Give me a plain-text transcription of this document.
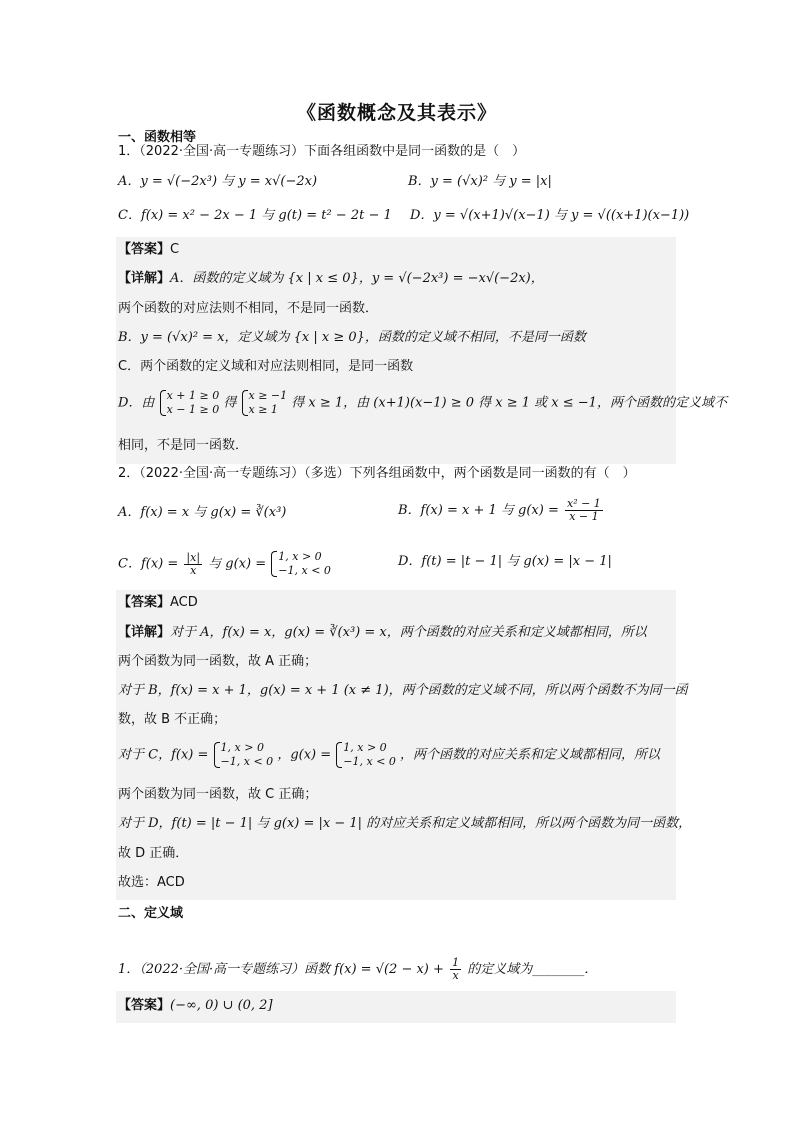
《函数概念及其表示》
一、函数相等
1．（2022·全国·高一专题练习）下面各组函数中是同一函数的是（　）
A．y = √(−2x³) 与 y = x√(−2x)	B．y = (√x)² 与 y = |x|
C．f(x) = x² − 2x − 1 与 g(t) = t² − 2t − 1 D．y = √(x+1)√(x−1) 与 y = √((x+1)(x−1))
【答案】C
【详解】A．函数的定义域为 {x | x ≤ 0}，y = √(−2x³) = −x√(−2x)，
两个函数的对应法则不相同，不是同一函数．
B．y = (√x)² = x，定义域为 {x | x ≥ 0}，函数的定义域不相同，不是同一函数
C．两个函数的定义域和对应法则相同，是同一函数
D．由 x + 1 ≥ 0
x − 1 ≥ 0 得 x ≥ −1
x ≥ 1	得 x ≥ 1，由 (x+1)(x−1) ≥ 0 得 x ≥ 1 或 x ≤ −1，两个函数的定义域不
相同，不是同一函数．
2．（2022·全国·高一专题练习）（多选）下列各组函数中，两个函数是同一函数的有（　）
A．f(x) = x 与 g(x) = ∛(x³)	B．f(x) = x + 1 与 $g(x) = \frac{\text{x² − 1}}{x - 1}$
C．$f(x) = \frac{|x|}{x}$ 与 g(x) = 1, x > 0
−1, x < 0
D．f(t) = |t − 1| 与 g(x) = |x − 1|
【答案】ACD
【详解】对于 A，f(x) = x，g(x) = ∛(x³) = x，两个函数的对应关系和定义域都相同，所以
两个函数为同一函数，故 A 正确；
对于 B，f(x) = x + 1，g(x) = x + 1 (x ≠ 1)，两个函数的定义域不同，所以两个函数不为同一函
数，故 B 不正确；
对于 C，f(x) = 1, x > 0
−1, x < 0 ，g(x) = 1, x > 0
−1, x < 0 ，两个函数的对应关系和定义域都相同，所以
两个函数为同一函数，故 C 正确；
对于 D，f(t) = |t − 1| 与 g(x) = |x − 1| 的对应关系和定义域都相同，所以两个函数为同一函数，
故 D 正确．
故选：ACD
二、定义域
1．（2022·全国·高一专题练习）函数 $f(x) = √(2 - x) + \frac{1}{x}$ 的定义域为________．
【答案】(−∞, 0) ∪ (0, 2]
